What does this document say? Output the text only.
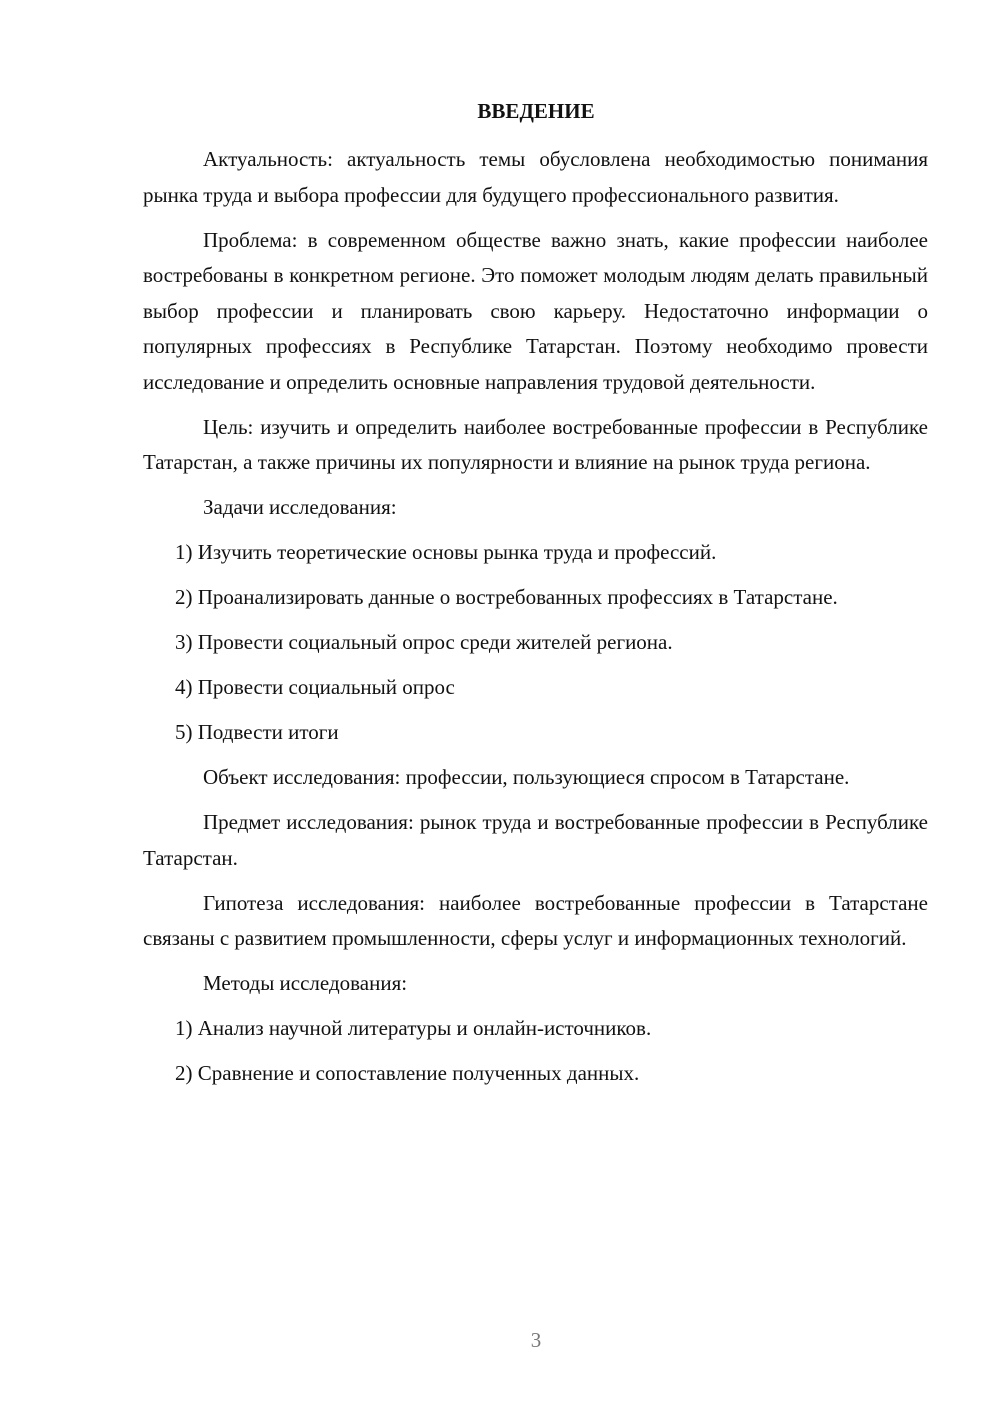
ВВЕДЕНИЕ

Актуальность: актуальность темы обусловлена необходимостью понимания рынка труда и выбора профессии для будущего профессионального развития.

Проблема: в современном обществе важно знать, какие профессии наиболее востребованы в конкретном регионе. Это поможет молодым людям делать правильный выбор профессии и планировать свою карьеру. Недостаточно информации о популярных профессиях в Республике Татарстан. Поэтому необходимо провести исследование и определить основные направления трудовой деятельности.

Цель: изучить и определить наиболее востребованные профессии в Республике Татарстан, а также причины их популярности и влияние на рынок труда региона.

Задачи исследования:

1) Изучить теоретические основы рынка труда и профессий.

2) Проанализировать данные о востребованных профессиях в Татарстане.

3) Провести социальный опрос среди жителей региона.

4) Провести социальный опрос

5) Подвести итоги

Объект исследования: профессии, пользующиеся спросом в Татарстане.

Предмет исследования: рынок труда и востребованные профессии в Республике Татарстан.

Гипотеза исследования: наиболее востребованные профессии в Татарстане связаны с развитием промышленности, сферы услуг и информационных технологий.

Методы исследования:

1) Анализ научной литературы и онлайн-источников.

2) Сравнение и сопоставление полученных данных.

3
